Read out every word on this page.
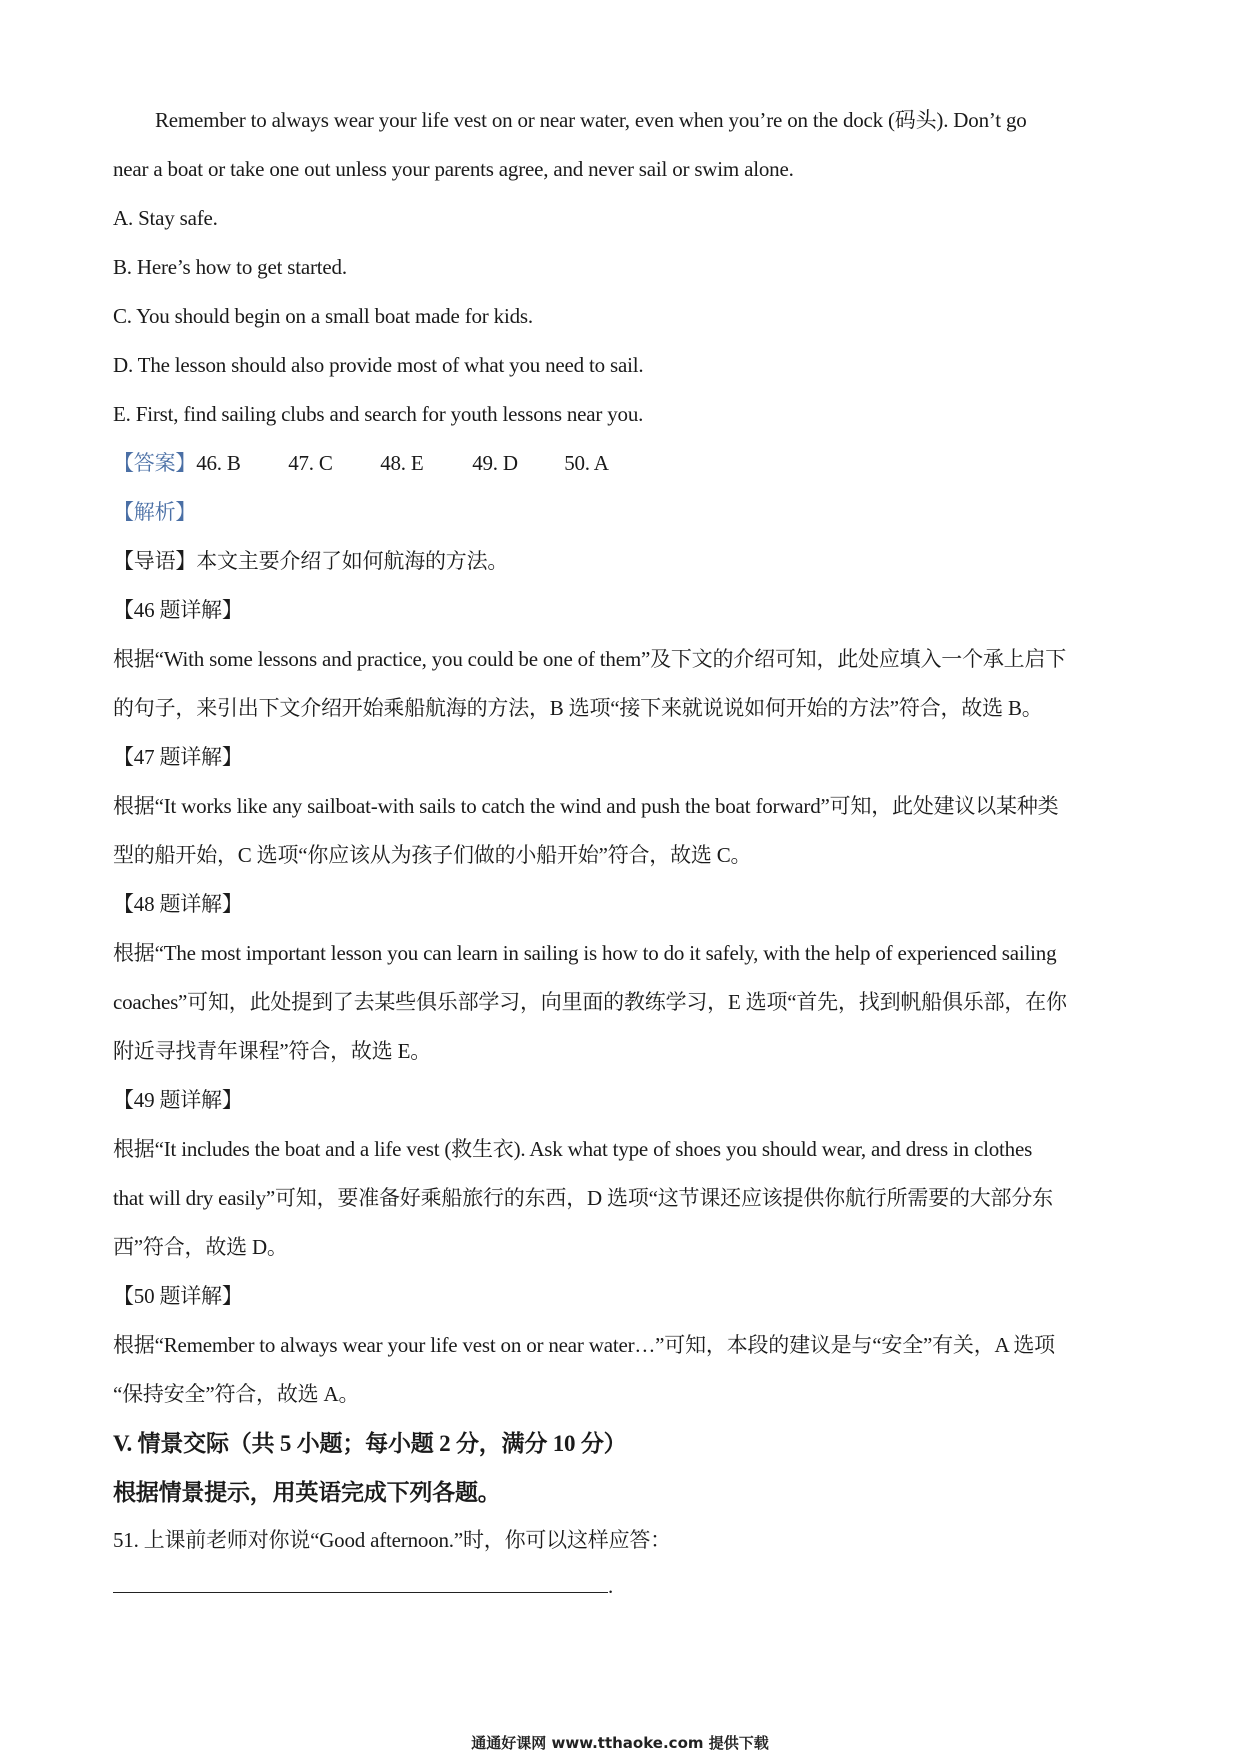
Remember to always wear your life vest on or near water, even when you’re on the dock (码头). Don’t go
near a boat or take one out unless your parents agree, and never sail or swim alone.
A. Stay safe.
B. Here’s how to get started.
C. You should begin on a small boat made for kids.
D. The lesson should also provide most of what you need to sail.
E. First, find sailing clubs and search for youth lessons near you.
【答案】46. B 47. C 48. E 49. D 50. A
【解析】
【导语】本文主要介绍了如何航海的方法。
【46 题详解】
根据“With some lessons and practice, you could be one of them”及下文的介绍可知，此处应填入一个承上启下
的句子，来引出下文介绍开始乘船航海的方法，B 选项“接下来就说说如何开始的方法”符合，故选 B。
【47 题详解】
根据“It works like any sailboat-with sails to catch the wind and push the boat forward”可知，此处建议以某种类
型的船开始，C 选项“你应该从为孩子们做的小船开始”符合，故选 C。
【48 题详解】
根据“The most important lesson you can learn in sailing is how to do it safely, with the help of experienced sailing
coaches”可知，此处提到了去某些俱乐部学习，向里面的教练学习，E 选项“首先，找到帆船俱乐部，在你
附近寻找青年课程”符合，故选 E。
【49 题详解】
根据“It includes the boat and a life vest (救生衣). Ask what type of shoes you should wear, and dress in clothes
that will dry easily”可知，要准备好乘船旅行的东西，D 选项“这节课还应该提供你航行所需要的大部分东
西”符合，故选 D。
【50 题详解】
根据“Remember to always wear your life vest on or near water…”可知，本段的建议是与“安全”有关，A 选项
“保持安全”符合，故选 A。
V. 情景交际（共 5 小题；每小题 2 分，满分 10 分）
根据情景提示，用英语完成下列各题。
51. 上课前老师对你说“Good afternoon.”时，你可以这样应答：
.
通通好课网 www.tthaoke.com 提供下载
